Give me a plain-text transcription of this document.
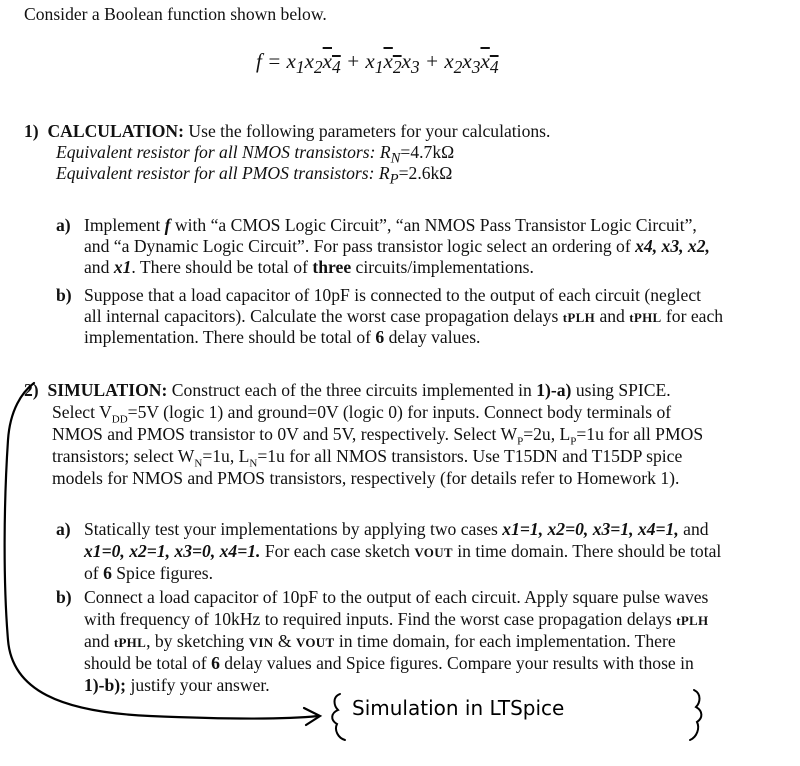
Consider a Boolean function shown below.
$f = x_1x_2x_4 + x_1x_2x_3 + x_2x_3x_4$
1) CALCULATION: Use the following parameters for your calculations.
Equivalent resistor for all NMOS transistors: $R_N=4.7k\Omega$
Equivalent resistor for all PMOS transistors: $R_P=2.6k\Omega$
a) Implement f with “a CMOS Logic Circuit”, “an NMOS Pass Transistor Logic Circuit”,
and “a Dynamic Logic Circuit”. For pass transistor logic select an ordering of x4, x3, x2,
and x1. There should be total of three circuits/implementations.
b) Suppose that a load capacitor of 10pF is connected to the output of each circuit (neglect
all internal capacitors). Calculate the worst case propagation delays tPLH and tPHL for each
implementation. There should be total of 6 delay values.
2) SIMULATION: Construct each of the three circuits implemented in 1)-a) using SPICE.
Select $V_{DD}=5V$ (logic 1) and ground=0V (logic 0) for inputs. Connect body terminals of
NMOS and PMOS transistor to 0V and 5V, respectively. Select $W_P=2u$, $L_P=1u$ for all PMOS
transistors; select $W_N=1u$, $L_N=1u$ for all NMOS transistors. Use T15DN and T15DP spice
models for NMOS and PMOS transistors, respectively (for details refer to Homework 1).
a) Statically test your implementations by applying two cases x1=1, x2=0, x3=1, x4=1, and
x1=0, x2=1, x3=0, x4=1. For each case sketch VOUT in time domain. There should be total
of 6 Spice figures.
b) Connect a load capacitor of 10pF to the output of each circuit. Apply square pulse waves
with frequency of 10kHz to required inputs. Find the worst case propagation delays tPLH
and tPHL, by sketching VIN & VOUT in time domain, for each implementation. There
should be total of 6 delay values and Spice figures. Compare your results with those in
1)-b); justify your answer.
Simulation in LTSpice
